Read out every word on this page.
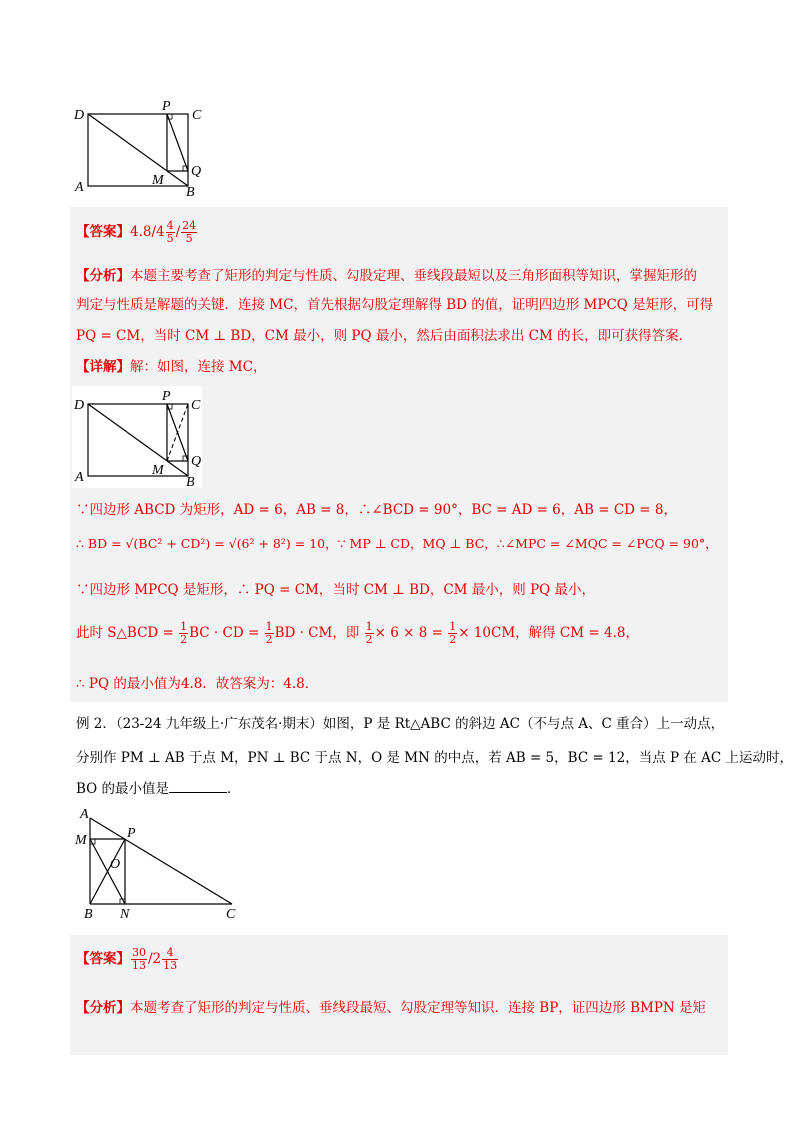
D
P
C
Q
A	M
B
【答案】$4.8/4 \frac{4}{5} / \frac{24}{5}$
【分析】本题主要考查了矩形的判定与性质、勾股定理、垂线段最短以及三角形面积等知识，掌握矩形的
判定与性质是解题的关键．连接 MC，首先根据勾股定理解得 BD 的值，证明四边形 MPCQ 是矩形，可得
PQ = CM，当时 CM ⊥ BD，CM 最小，则 PQ 最小，然后由面积法求出 CM 的长，即可获得答案．
【详解】解：如图，连接 MC，
D
P
C
Q
A	M
B
∵四边形 ABCD 为矩形，AD = 6，AB = 8，∴∠BCD = 90°，BC = AD = 6，AB = CD = 8，
∴ BD = √(BC² + CD²) = √(6² + 8²) = 10，∵ MP ⊥ CD，MQ ⊥ BC，∴∠MPC = ∠MQC = ∠PCQ = 90°，
∵四边形 MPCQ 是矩形，∴ PQ = CM，当时 CM ⊥ BD，CM 最小，则 PQ 最小，
此时 S△BCD = $\frac{1}{2}$ BC · CD = $\frac{1}{2}$ BD · CM，即 $\frac{1}{2} \times 6 \times 8 = \frac{1}{2} \times 10CM$，解得 CM = 4.8，
∴ PQ 的最小值为4.8．故答案为：4.8．
例 2．（23-24 九年级上·广东茂名·期末）如图，P 是 Rt△ABC 的斜边 AC（不与点 A、C 重合）上一动点，
分别作 PM ⊥ AB 于点 M，PN ⊥ BC 于点 N，O 是 MN 的中点，若 AB = 5，BC = 12，当点 P 在 AC 上运动时，
BO 的最小值是	．
A
M	P
O
B N	C
【答案】 $\frac{30}{13} /2 \frac{4}{13}$
【分析】本题考查了矩形的判定与性质、垂线段最短、勾股定理等知识．连接 BP，证四边形 BMPN 是矩
